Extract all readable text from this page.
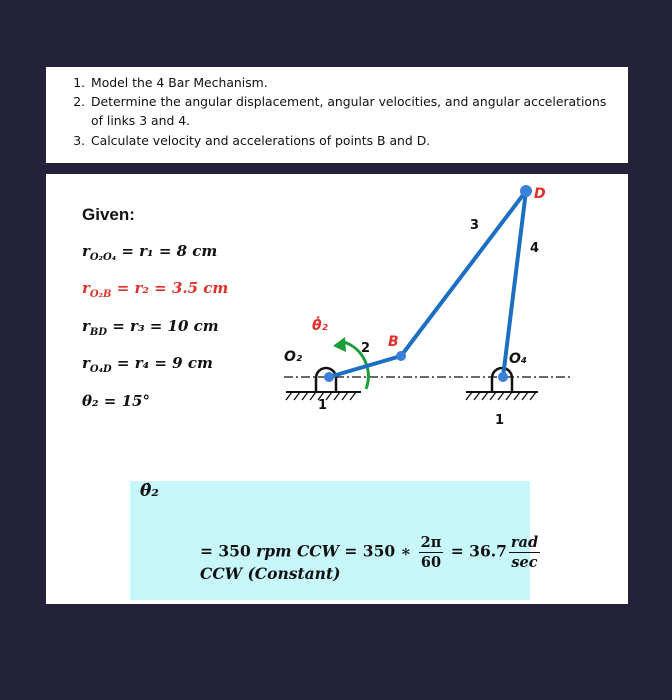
1. Model the 4 Bar Mechanism.
2. Determine the angular displacement, angular velocities, and angular accelerations of links 3 and 4.
3. Calculate velocity and accelerations of points B and D.
Given:
$r_{O_2O_4} = r_1 = 8$ cm
$r_{O_2B} = r_2 = 3.5$ cm
$r_{BD} = r_3 = 10$ cm
$r_{O_4D} = r_4 = 9$ cm
θ₂ = 15°
O₂	O₄
1
1
2
3
4
B
D
θ̇₂
θ̇₂
= 350 rpm CCW = 350 ∗ $\frac{2\pi}{60} = 36.7 \frac{\text{rad}}{\sec}$
CCW (Constant)
